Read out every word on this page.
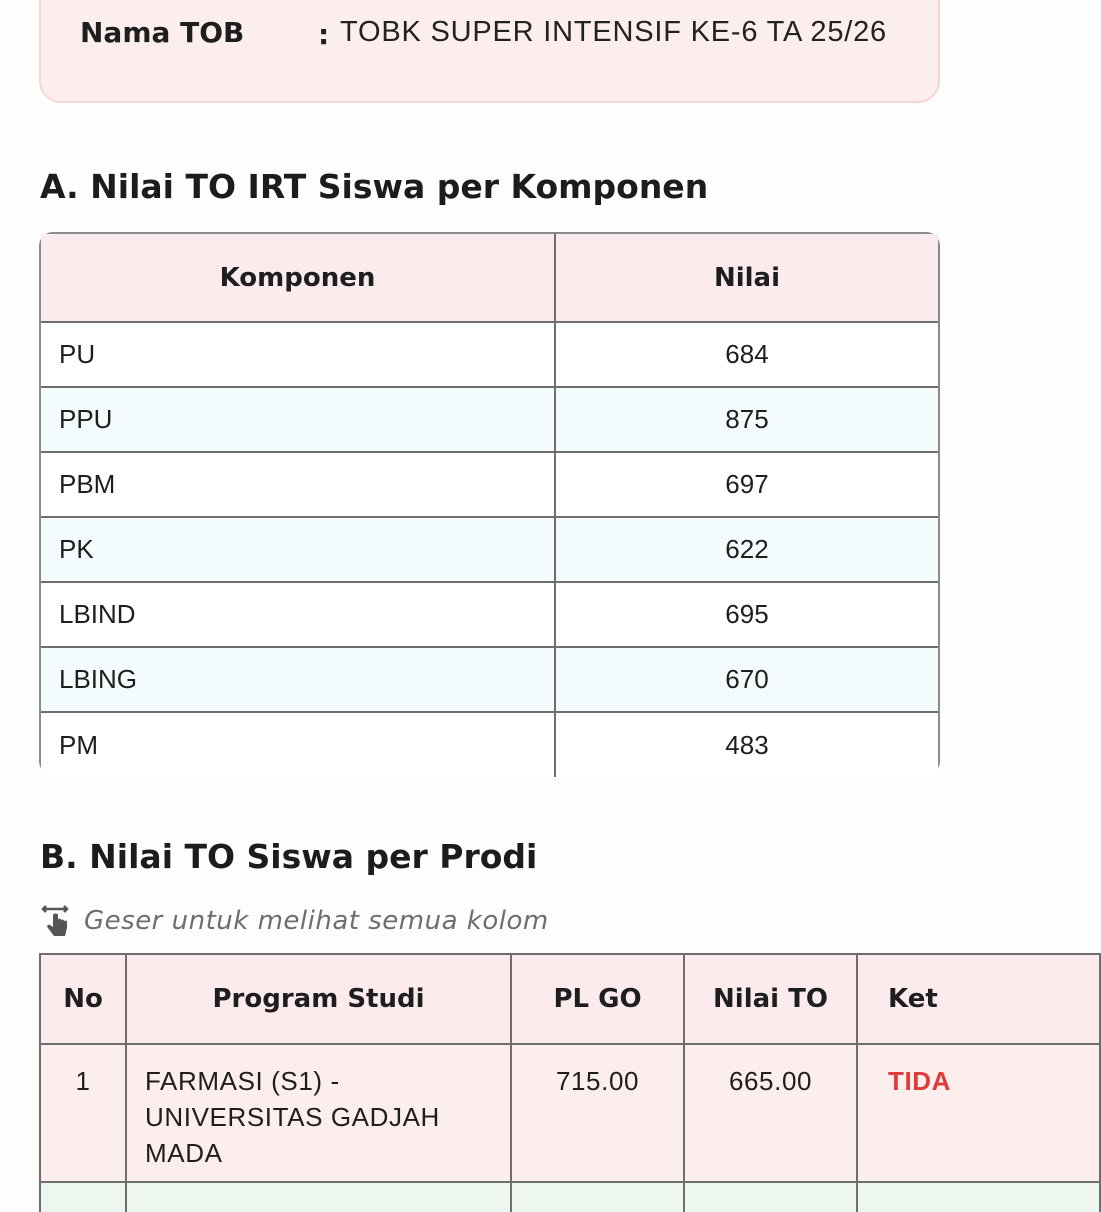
Nama TOB	: TOBK SUPER INTENSIF KE-6 TA 25/26
A. Nilai TO IRT Siswa per Komponen
Komponen	Nilai
PU	684
PPU	875
PBM	697
PK	622
LBIND	695
LBING	670
PM	483
B. Nilai TO Siswa per Prodi
Geser untuk melihat semua kolom
No	Program Studi	PL GO	Nilai TO	Ket
1	FARMASI (S1) - UNIVERSITAS GADJAH MADA	715.00	665.00	TIDA
